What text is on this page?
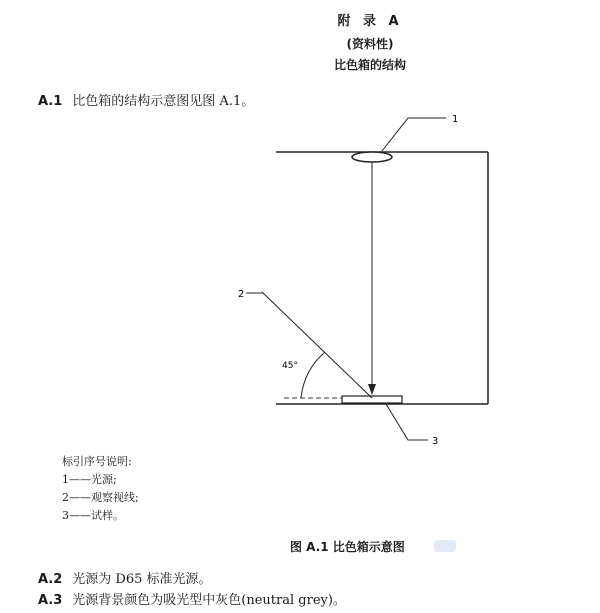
附 录 A
(资料性)
比色箱的结构
A.1 比色箱的结构示意图见图 A.1。
1
2
3
45°
标引序号说明:
1——光源;
2——观察视线;
3——试样。
图 A.1 比色箱示意图
A.2 光源为 D65 标准光源。
A.3 光源背景颜色为吸光型中灰色(neutral grey)。
